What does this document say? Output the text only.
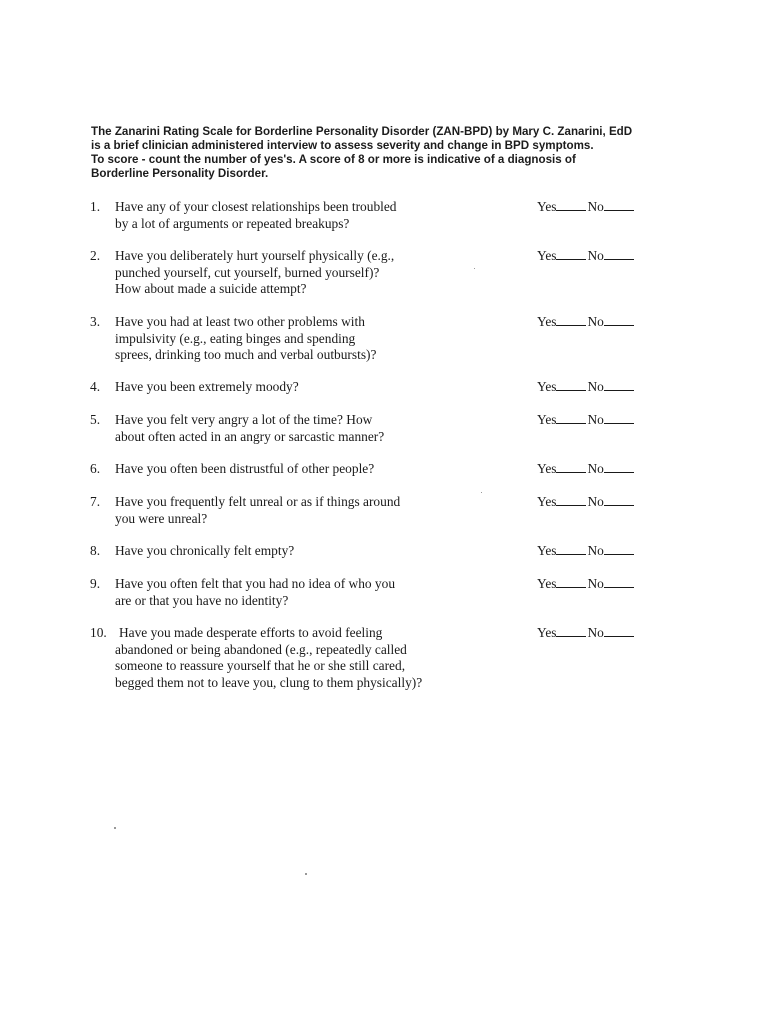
The Zanarini Rating Scale for Borderline Personality Disorder (ZAN-BPD) by Mary C. Zanarini, EdD
is a brief clinician administered interview to assess severity and change in BPD symptoms.
To score - count the number of yes's. A score of 8 or more is indicative of a diagnosis of
Borderline Personality Disorder.
1.	Have any of your closest relationships been troubled
by a lot of arguments or repeated breakups?
Yes No
2.	Have you deliberately hurt yourself physically (e.g.,
punched yourself, cut yourself, burned yourself)?
How about made a suicide attempt?
Yes No
3.	Have you had at least two other problems with
impulsivity (e.g., eating binges and spending
sprees, drinking too much and verbal outbursts)?
Yes No
4.	Have you been extremely moody?	Yes No
5.	Have you felt very angry a lot of the time? How
about often acted in an angry or sarcastic manner?
Yes No
6.	Have you often been distrustful of other people?	Yes No
7.	Have you frequently felt unreal or as if things around
you were unreal?
Yes No
8.	Have you chronically felt empty?	Yes No
9.	Have you often felt that you had no idea of who you
are or that you have no identity?
Yes No
10. Have you made desperate efforts to avoid feeling
abandoned or being abandoned (e.g., repeatedly called
someone to reassure yourself that he or she still cared,
begged them not to leave you, clung to them physically)?
Yes No
